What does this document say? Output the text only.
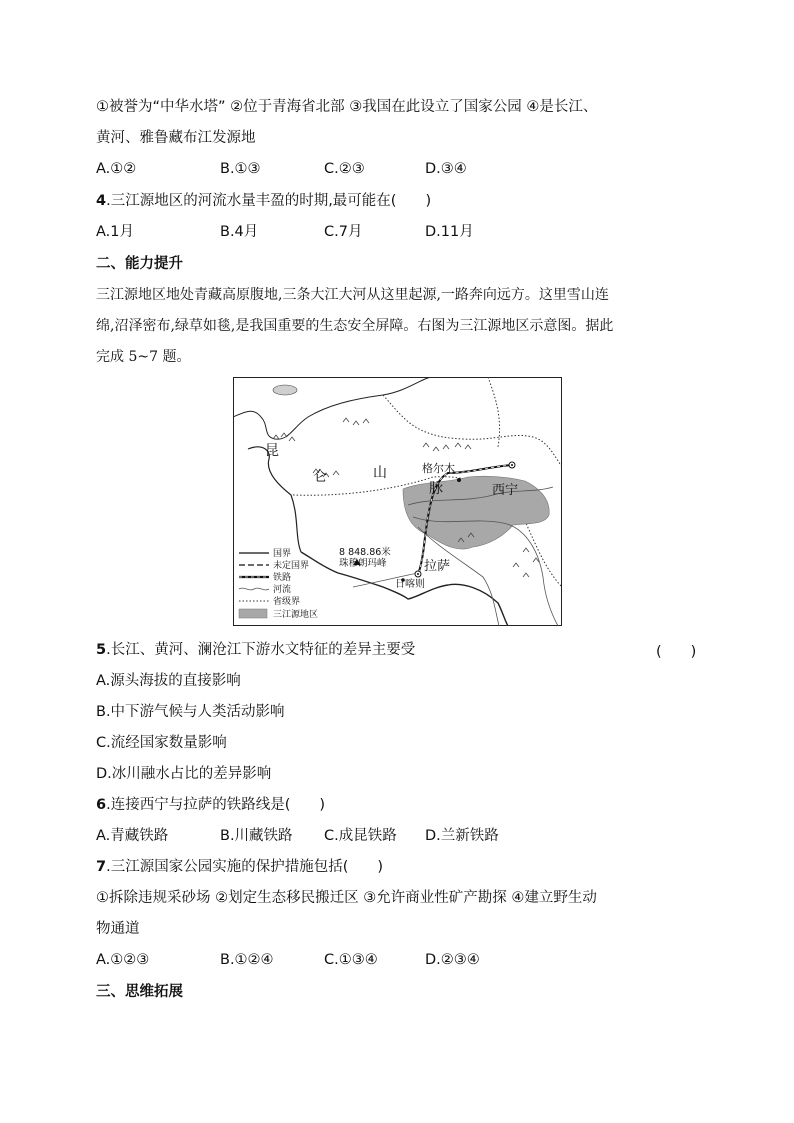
①被誉为“中华水塔” ②位于青海省北部 ③我国在此设立了国家公园 ④是长江、
黄河、雅鲁藏布江发源地
A.①②	B.①③	C.②③	D.③④
4.三江源地区的河流水量丰盈的时期,最可能在(　　)
A.1月	B.4月	C.7月	D.11月
二、能力提升
三江源地区地处青藏高原腹地,三条大江大河从这里起源,一路奔向远方。这里雪山连
绵,沼泽密布,绿草如毯,是我国重要的生态安全屏障。右图为三江源地区示意图。据此
完成 5~7 题。
昆
仑	山
脉
格尔木
西宁
拉萨
日喀则
8 848.86米
珠穆朗玛峰
国界
未定国界
铁路
河流
省级界
三江源地区
5.长江、黄河、澜沧江下游水文特征的差异主要受	(　　)
A.源头海拔的直接影响
B.中下游气候与人类活动影响
C.流经国家数量影响
D.冰川融水占比的差异影响
6.连接西宁与拉萨的铁路线是(　　)
A.青藏铁路	B.川藏铁路 C.成昆铁路 D.兰新铁路
7.三江源国家公园实施的保护措施包括(　　)
①拆除违规采砂场 ②划定生态移民搬迁区 ③允许商业性矿产勘探 ④建立野生动
物通道
A.①②③	B.①②④	C.①③④	D.②③④
三、思维拓展
